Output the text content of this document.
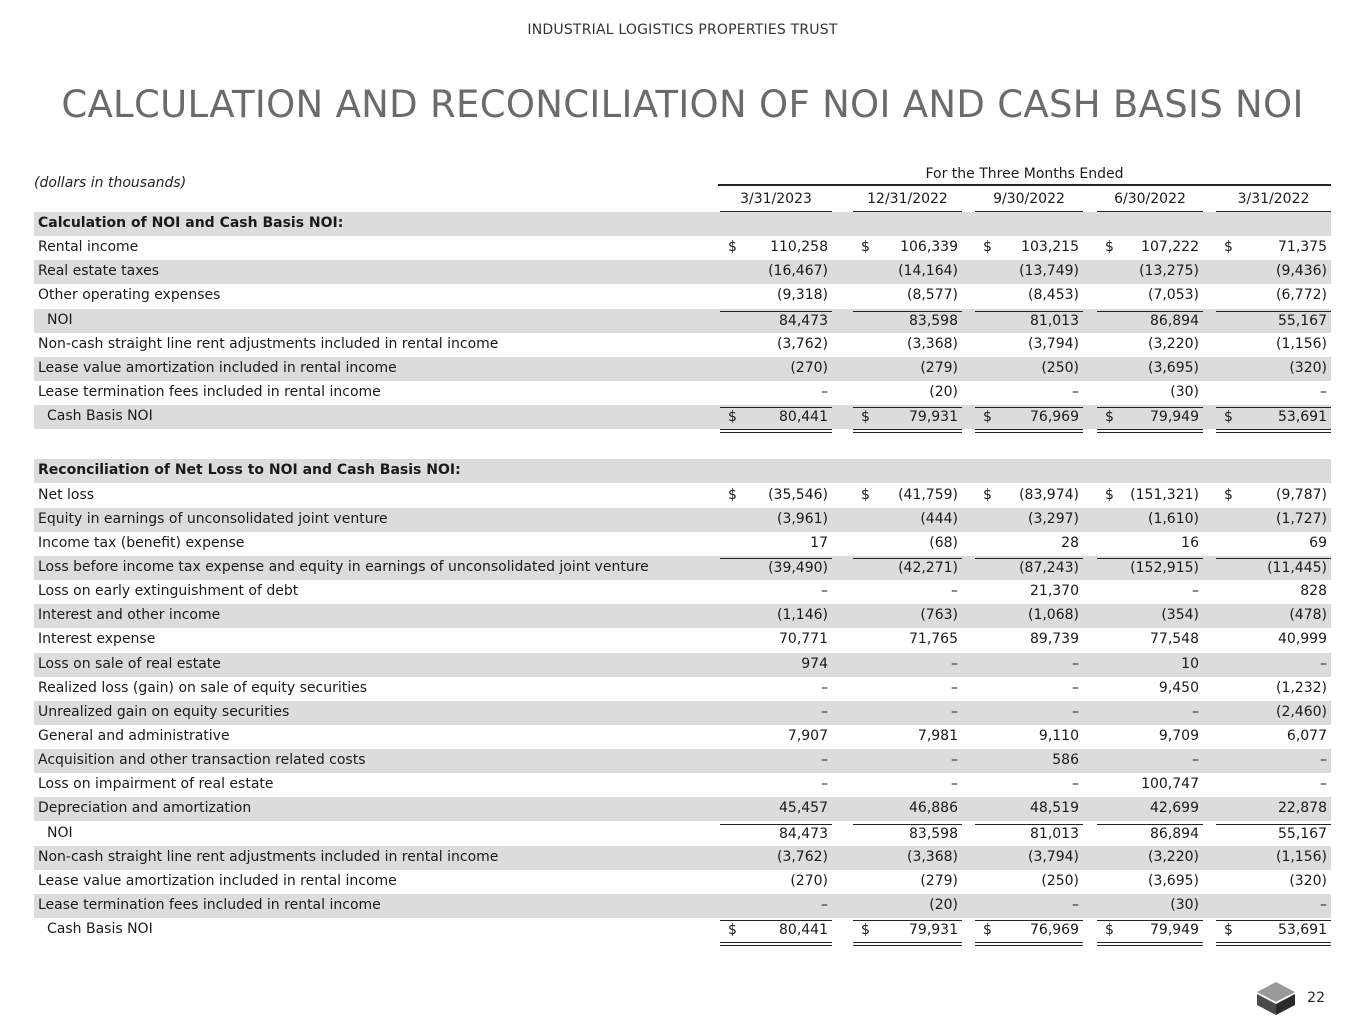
INDUSTRIAL LOGISTICS PROPERTIES TRUST
CALCULATION AND RECONCILIATION OF NOI AND CASH BASIS NOI
(dollars in thousands)
For the Three Months Ended
3/31/2023	12/31/2022	9/30/2022	6/30/2022	3/31/2022
Calculation of NOI and Cash Basis NOI:
Rental income	$ 110,258 $ 106,339 $ 103,215 $ 107,222 $	71,375
Real estate taxes	(16,467)	(14,164)	(13,749)	(13,275)	(9,436)
Other operating expenses	(9,318)	(8,577)	(8,453)	(7,053)	(6,772)
NOI	84,473	83,598	81,013	86,894	55,167
Non-cash straight line rent adjustments included in rental income	(3,762)	(3,368)	(3,794)	(3,220)	(1,156)
Lease value amortization included in rental income	(270)	(279)	(250)	(3,695)	(320)
Lease termination fees included in rental income	–	(20)	–	(30)	–
Cash Basis NOI	$	80,441 $	79,931 $	76,969 $	79,949 $	53,691
Reconciliation of Net Loss to NOI and Cash Basis NOI:
Net loss	$ (35,546) $ (41,759) $ (83,974) $ (151,321) $	(9,787)
Equity in earnings of unconsolidated joint venture	(3,961)	(444)	(3,297)	(1,610)	(1,727)
Income tax (benefit) expense	17	(68)	28	16	69
Loss before income tax expense and equity in earnings of unconsolidated joint venture	(39,490)	(42,271)	(87,243)	(152,915)	(11,445)
Loss on early extinguishment of debt	–	–	21,370	–	828
Interest and other income	(1,146)	(763)	(1,068)	(354)	(478)
Interest expense	70,771	71,765	89,739	77,548	40,999
Loss on sale of real estate	974	–	–	10	–
Realized loss (gain) on sale of equity securities	–	–	–	9,450	(1,232)
Unrealized gain on equity securities	–	–	–	–	(2,460)
General and administrative	7,907	7,981	9,110	9,709	6,077
Acquisition and other transaction related costs	–	–	586	–	–
Loss on impairment of real estate	–	–	–	100,747	–
Depreciation and amortization	45,457	46,886	48,519	42,699	22,878
NOI	84,473	83,598	81,013	86,894	55,167
Non-cash straight line rent adjustments included in rental income	(3,762)	(3,368)	(3,794)	(3,220)	(1,156)
Lease value amortization included in rental income	(270)	(279)	(250)	(3,695)	(320)
Lease termination fees included in rental income	–	(20)	–	(30)	–
Cash Basis NOI	$	80,441 $	79,931 $	76,969 $	79,949 $	53,691
22
